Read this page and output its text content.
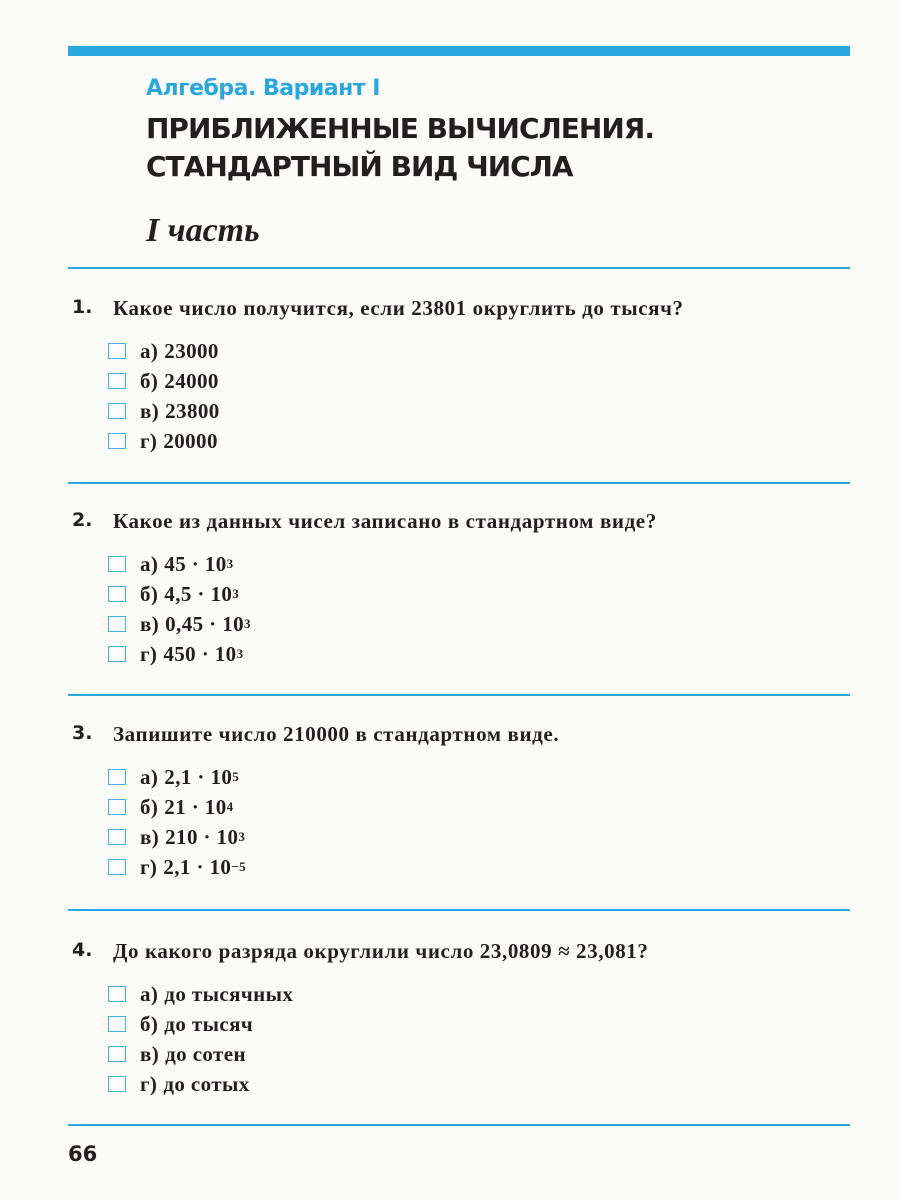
Алгебра. Вариант I
ПРИБЛИЖЕННЫЕ ВЫЧИСЛЕНИЯ.
СТАНДАРТНЫЙ ВИД ЧИСЛА
I часть
1. Какое число получится, если 23801 округлить до тысяч?
а) 23000
б) 24000
в) 23800
г) 20000
2. Какое из данных чисел записано в стандартном виде?
а) 45 · 10 3
б) 4,5 · 10 3
в) 0,45 · 10 3
г) 450 · 10 3
3. Запишите число 210000 в стандартном виде.
а) 2,1 · 10 5
б) 21 · 10 4
в) 210 · 10 3
г) 2,1 · 10 −5
4. До какого разряда округлили число 23,0809 ≈ 23,081?
а) до тысячных
б) до тысяч
в) до сотен
г) до сотых
66
